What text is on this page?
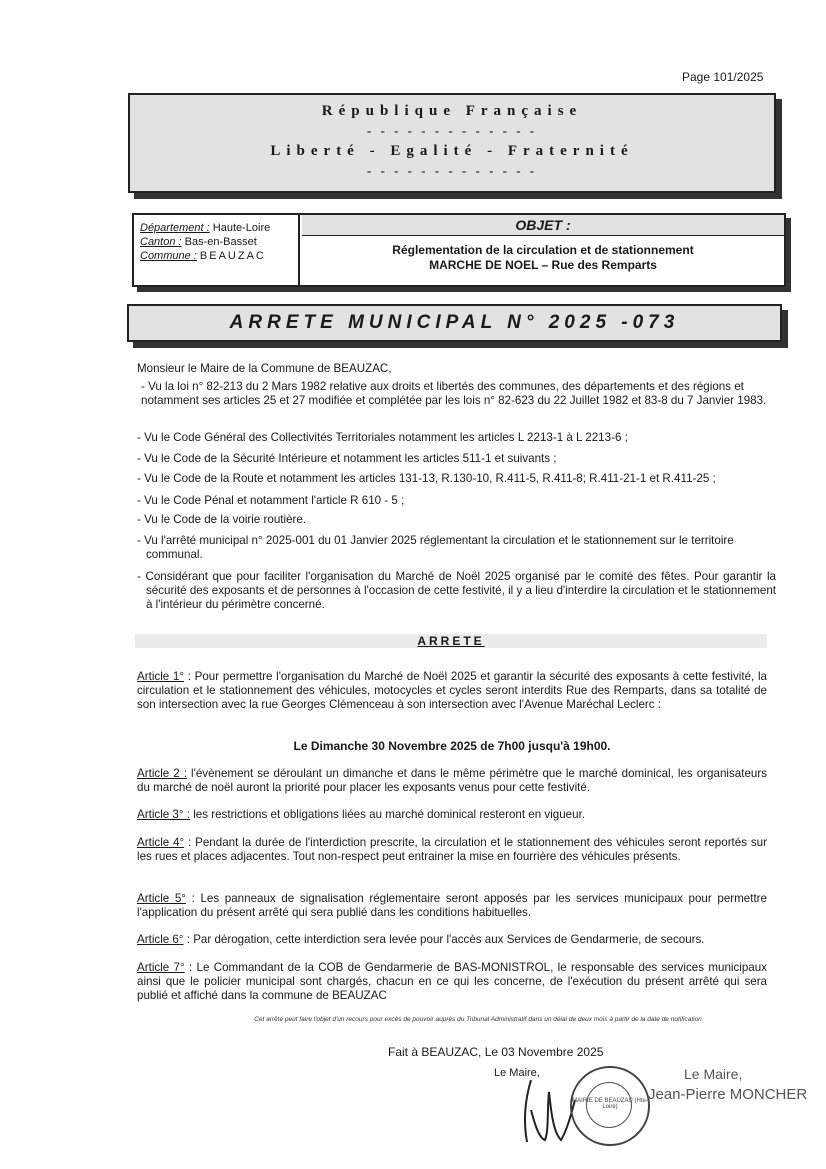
Page 101/2025
République Française
- - - - - - - - - - - - -
Liberté - Egalité - Fraternité
- - - - - - - - - - - - -
Département : Haute-Loire
Canton : Bas-en-Basset
Commune : BEAUZAC
OBJET :
Réglementation de la circulation et de stationnement
MARCHE DE NOEL – Rue des Remparts
ARRETE MUNICIPAL N° 2025 -073
Monsieur le Maire de la Commune de BEAUZAC,
- Vu la loi n° 82-213 du 2 Mars 1982 relative aux droits et libertés des communes, des départements et des régions et notamment ses articles 25 et 27 modifiée et complétée par les lois n° 82-623 du 22 Juillet 1982 et 83-8 du 7 Janvier 1983.
- Vu le Code Général des Collectivités Territoriales notamment les articles L 2213-1 à L 2213-6 ;
- Vu le Code de la Sécurité Intérieure et notamment les articles 511-1 et suivants ;
- Vu le Code de la Route et notamment les articles 131-13, R.130-10, R.411-5, R.411-8; R.411-21-1 et R.411-25 ;
- Vu le Code Pénal et notamment l'article R 610 - 5 ;
- Vu le Code de la voirie routière.
- Vu l'arrêté municipal n° 2025-001 du 01 Janvier 2025 réglementant la circulation et le stationnement sur le territoire communal.
- Considérant que pour faciliter l'organisation du Marché de Noël 2025 organisé par le comité des fêtes. Pour garantir la sécurité des exposants et de personnes à l'occasion de cette festivité, il y a lieu d'interdire la circulation et le stationnement à l'intérieur du périmètre concerné.
ARRETE
Article 1° : Pour permettre l'organisation du Marché de Noël 2025 et garantir la sécurité des exposants à cette festivité, la circulation et le stationnement des véhicules, motocycles et cycles seront interdits Rue des Remparts, dans sa totalité de son intersection avec la rue Georges Clémenceau à son intersection avec l'Avenue Maréchal Leclerc :
Le Dimanche 30 Novembre 2025 de 7h00 jusqu'à 19h00.
Article 2 : l'évènement se déroulant un dimanche et dans le même périmètre que le marché dominical, les organisateurs du marché de noël auront la priorité pour placer les exposants venus pour cette festivité.
Article 3° : les restrictions et obligations liées au marché dominical resteront en vigueur.
Article 4° : Pendant la durée de l'interdiction prescrite, la circulation et le stationnement des véhicules seront reportés sur les rues et places adjacentes. Tout non-respect peut entrainer la mise en fourrière des véhicules présents.
Article 5° : Les panneaux de signalisation réglementaire seront apposés par les services municipaux pour permettre l'application du présent arrêté qui sera publié dans les conditions habituelles.
Article 6° : Par dérogation, cette interdiction sera levée pour l'accès aux Services de Gendarmerie, de secours.
Article 7° : Le Commandant de la COB de Gendarmerie de BAS-MONISTROL, le responsable des services municipaux ainsi que le policier municipal sont chargés, chacun en ce qui les concerne, de l'exécution du présent arrêté qui sera publié et affiché dans la commune de BEAUZAC
Cet arrêté peut faire l'objet d'un recours pour excès de pouvoir auprès du Tribunal Administratif dans un délai de deux mois à partir de la date de notification
Fait à BEAUZAC, Le 03 Novembre 2025
Le Maire,
MAIRIE DE BEAUZAC (Hte-Loire)
Le Maire,
Jean-Pierre MONCHER
